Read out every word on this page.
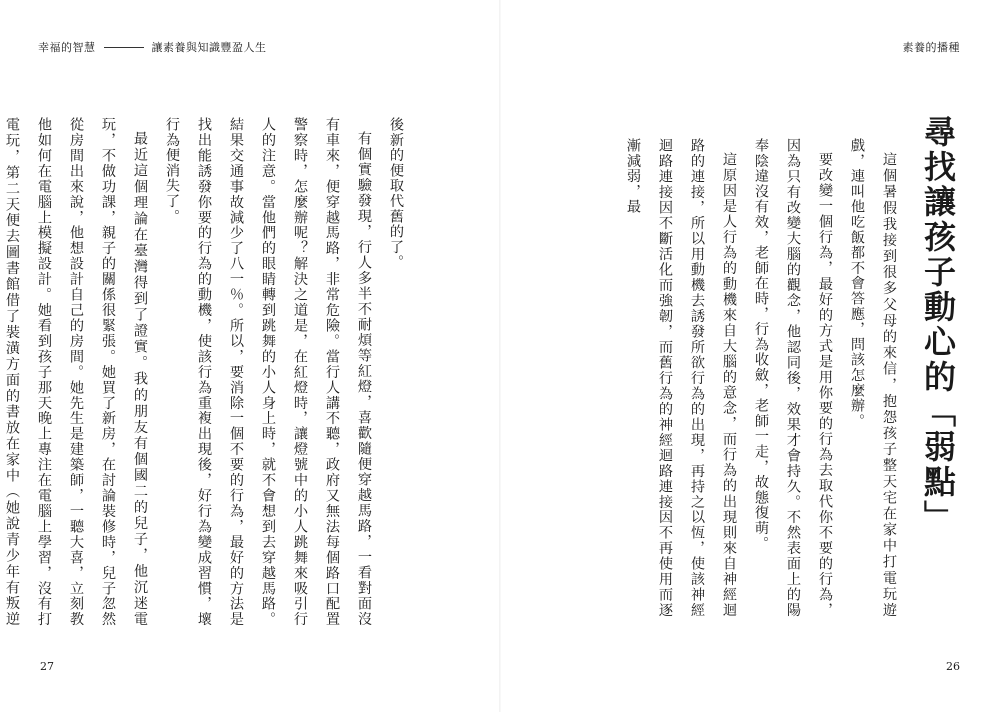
幸福的智慧	讓素養與知識豐盈人生

後新的便取代舊的了。

有個實驗發現，行人多半不耐煩等紅燈，喜歡隨便穿越馬路，一看對面沒有車來，便穿越馬路，非常危險。當行人講不聽，政府又無法每個路口配置警察時，怎麼辦呢？解決之道是，在紅燈時，讓燈號中的小人跳舞來吸引行人的注意。當他們的眼睛轉到跳舞的小人身上時，就不會想到去穿越馬路。結果交通事故減少了八一％。所以，要消除一個不要的行為，最好的方法是找出能誘發你要的行為的動機，使該行為重複出現後，好行為變成習慣，壞行為便消失了。

最近這個理論在臺灣得到了證實。我的朋友有個國二的兒子，他沉迷電玩，不做功課，親子的關係很緊張。她買了新房，在討論裝修時，兒子忽然從房間出來說，他想設計自己的房間。她先生是建築師，一聽大喜，立刻教他如何在電腦上模擬設計。她看到孩子那天晚上專注在電腦上學習，沒有打電玩，第二天便去圖書館借了裝潢方面的書放在家中（她說青少年有叛逆

27
素養的播種
尋找讓孩子動心的「弱點」
26

這個暑假我接到很多父母的來信，抱怨孩子整天宅在家中打電玩遊戲，連叫他吃飯都不會答應，問該怎麼辦。

要改變一個行為，最好的方式是用你要的行為去取代你不要的行為，因為只有改變大腦的觀念，他認同後，效果才會持久。不然表面上的陽奉陰違沒有效，老師在時，行為收斂，老師一走，故態復萌。

這原因是人行為的動機來自大腦的意念，而行為的出現則來自神經迴路的連接，所以用動機去誘發所欲行為的出現，再持之以恆，使該神經迴路連接因不斷活化而強韌，而舊行為的神經迴路連接因不再使用而逐漸減弱，最
